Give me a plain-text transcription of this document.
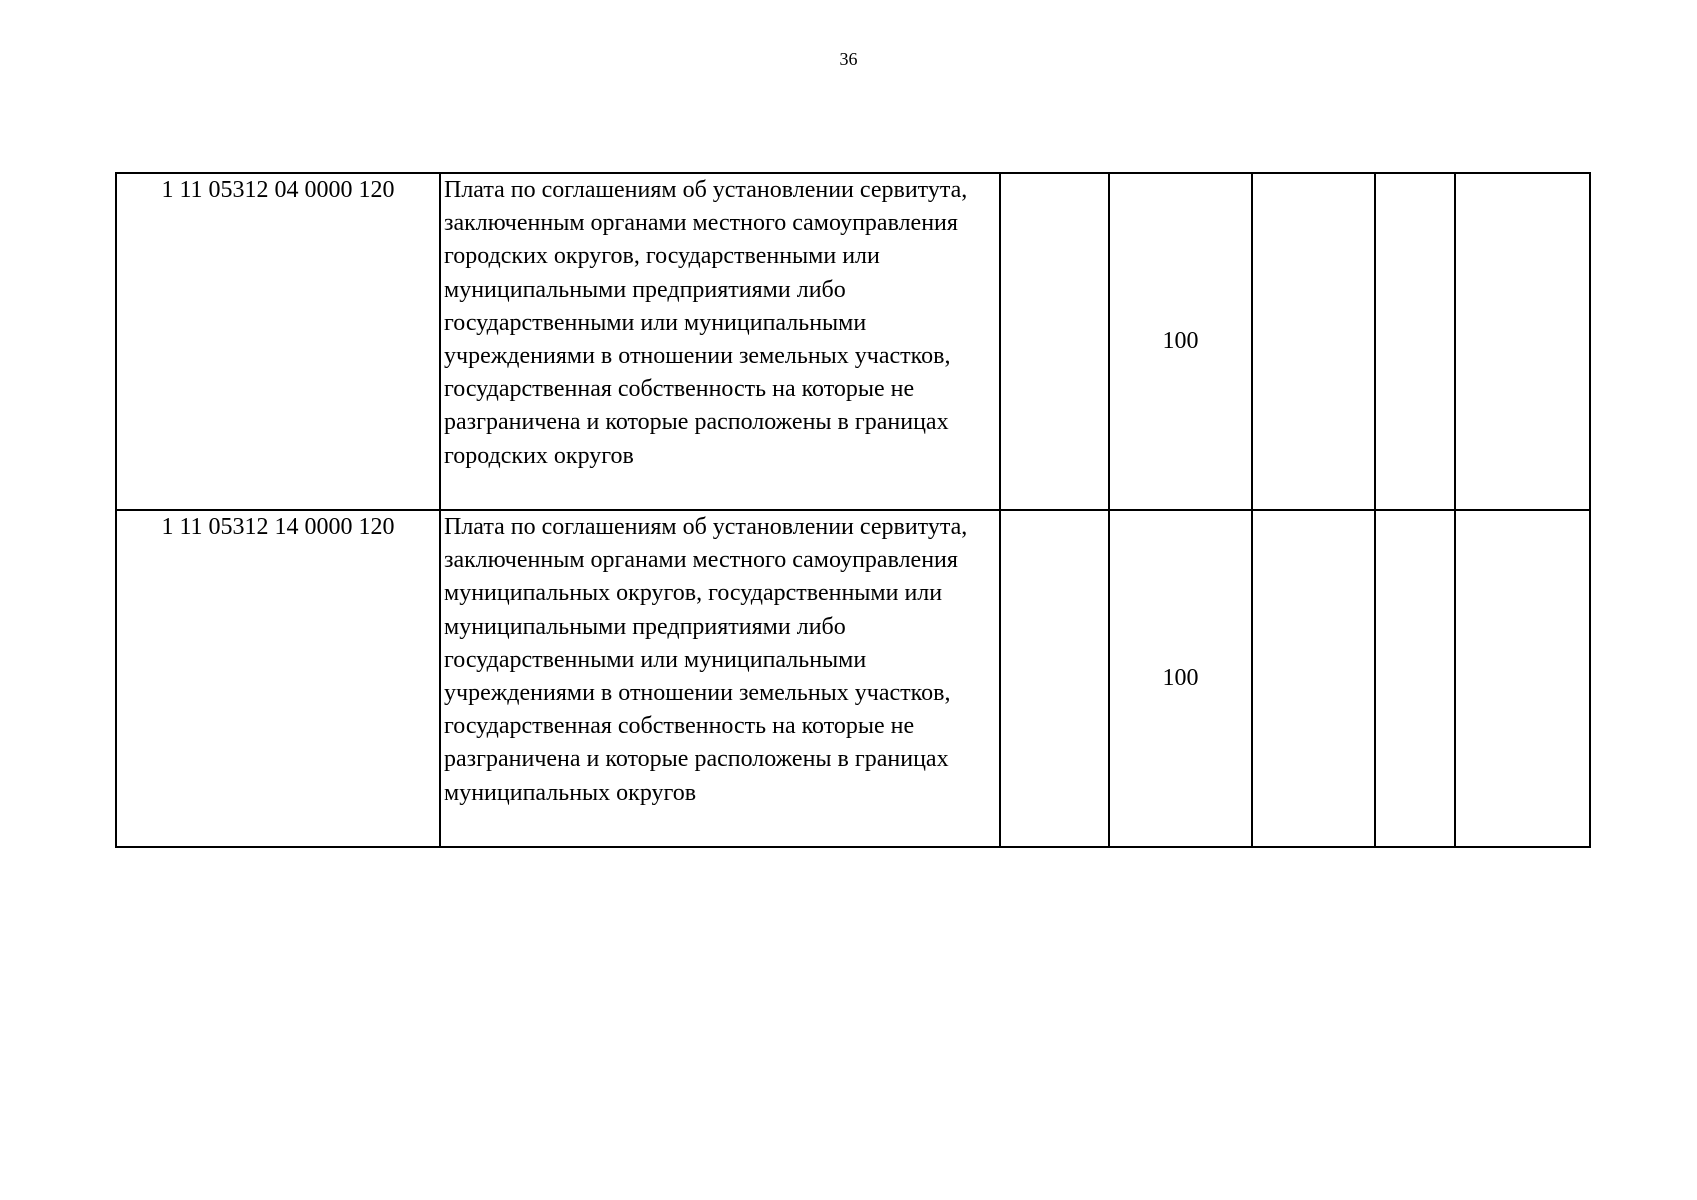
36
1 11 05312 04 0000 120	Плата по соглашениям об установлении сервитута, заключенным органами местного самоуправления городских округов, государственными или муниципальными предприятиями либо государственными или муниципальными учреждениями в отношении земельных участков, государственная собственность на которые не разграничена и которые расположены в границах городских округов		100			
1 11 05312 14 0000 120	Плата по соглашениям об установлении сервитута, заключенным органами местного самоуправления муниципальных округов, государственными или муниципальными предприятиями либо государственными или муниципальными учреждениями в отношении земельных участков, государственная собственность на которые не разграничена и которые расположены в границах муниципальных округов		100			
